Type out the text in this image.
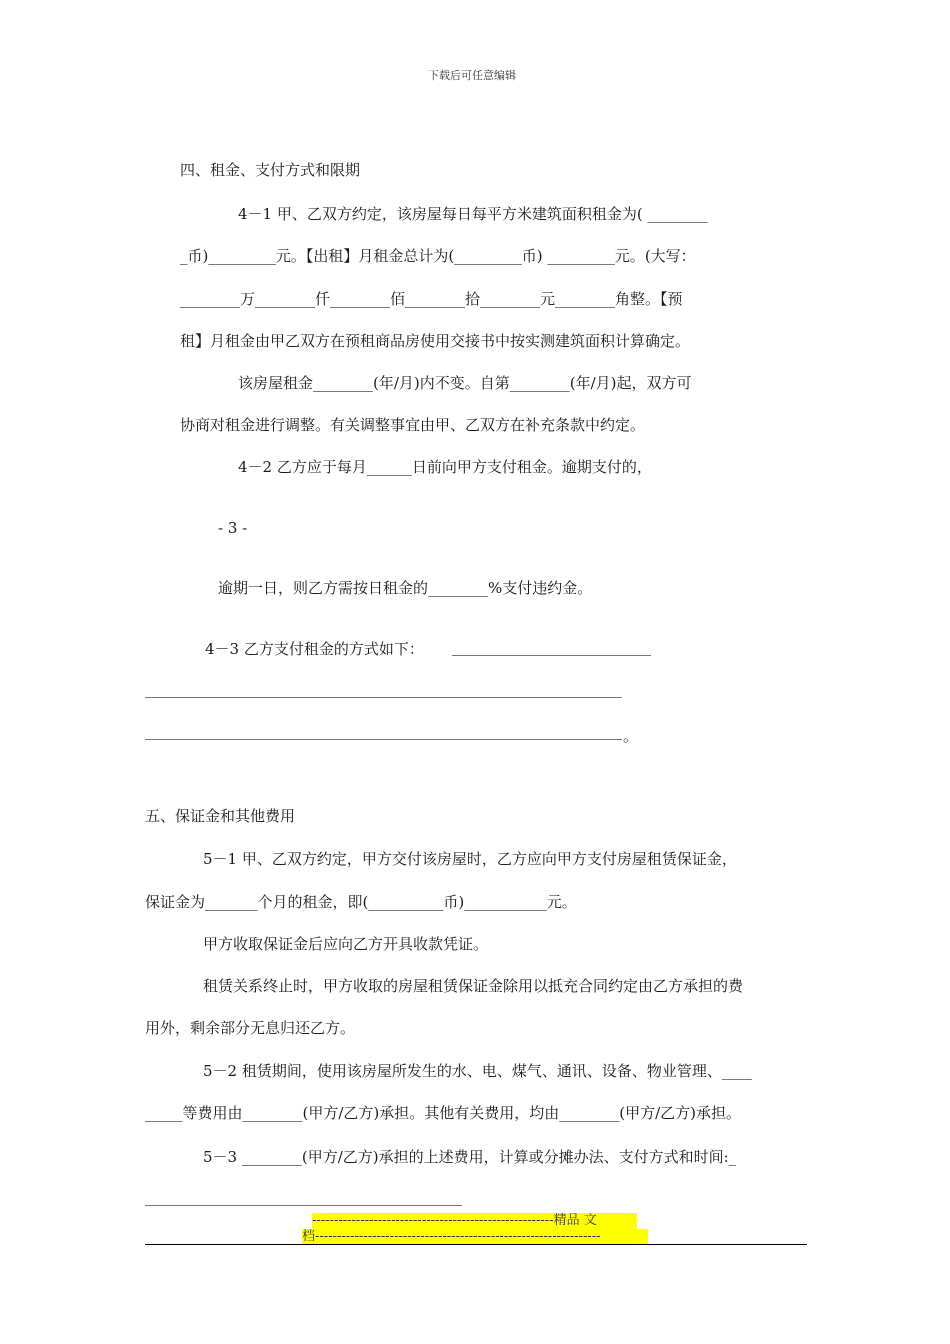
下载后可任意编辑
四、租金、支付方式和限期
4－1 甲、乙双方约定，该房屋每日每平方米建筑面积租金为( ________
_币)_________元。【出租】月租金总计为(_________币) _________元。(大写：
________万________仟________佰________拾________元________角整。【预
租】月租金由甲乙双方在预租商品房使用交接书中按实测建筑面积计算确定。
该房屋租金________(年/月)内不变。自第________(年/月)起，双方可
协商对租金进行调整。有关调整事宜由甲、乙双方在补充条款中约定。
4－2 乙方应于每月______日前向甲方支付租金。逾期支付的，
- 3 -
逾期一日，则乙方需按日租金的________%支付违约金。
4－3 乙方支付租金的方式如下：
。
五、保证金和其他费用
5－1 甲、乙双方约定，甲方交付该房屋时，乙方应向甲方支付房屋租赁保证金，
保证金为_______个月的租金，即(__________币)___________元。
甲方收取保证金后应向乙方开具收款凭证。
租赁关系终止时，甲方收取的房屋租赁保证金除用以抵充合同约定由乙方承担的费
用外，剩余部分无息归还乙方。
5－2 租赁期间，使用该房屋所发生的水、电、煤气、通讯、设备、物业管理、____
_____等费用由________(甲方/乙方)承担。其他有关费用，均由________(甲方/乙方)承担。
5－3 ________(甲方/乙方)承担的上述费用，计算或分摊办法、支付方式和时间:_
-------------------------------------------------------精品 文
档-----------------------------------------------------------------
